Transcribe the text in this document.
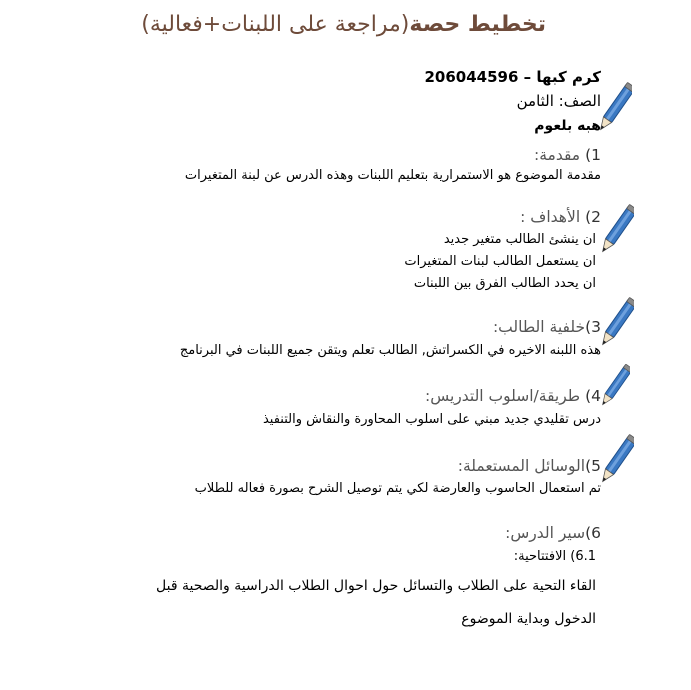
تخطيط حصة(مراجعة على اللبنات+فعالية)
كرم كبها – 206044596
الصف: الثامن
هبه بلعوم
1) مقدمة:
مقدمة الموضوع هو الاستمرارية بتعليم اللبنات وهذه الدرس عن لبنة المتغيرات
2) الأهداف :
ان ينشئ الطالب متغير جديد
ان يستعمل الطالب لبنات المتغيرات
ان يحدد الطالب الفرق بين اللبنات
3)خلفية الطالب:
هذه اللبنه الاخيره في الكسراتش, الطالب تعلم ويتقن جميع اللبنات في البرنامج
4) طريقة/اسلوب التدريس:
درس تقليدي جديد مبني على اسلوب المحاورة والنقاش والتنفيذ
5)الوسائل المستعملة:
تم استعمال الحاسوب والعارضة لكي يتم توصيل الشرح بصورة فعاله للطلاب
6)سير الدرس:
6.1) الافتتاحية:
القاء التحية على الطلاب والتسائل حول احوال الطلاب الدراسية والصحية قبل
الدخول وبداية الموضوع
